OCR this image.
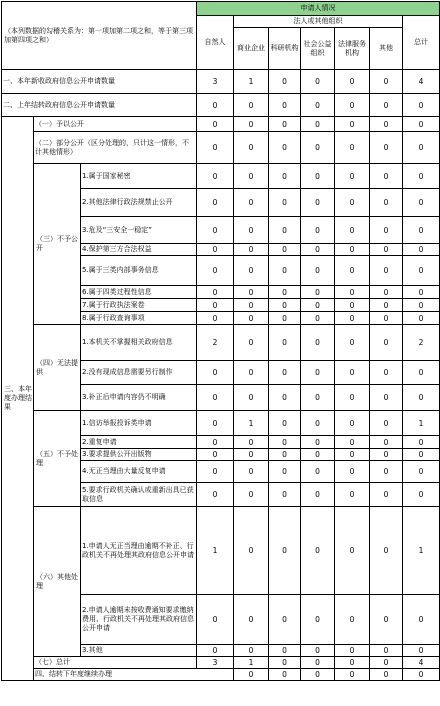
（本列数据的勾稽关系为：第一项加第二项之和，等于第三项加第四项之和）			申请人情况							
			自然人	法人或其他组织					总计	
				商业企业	科研机构	社会公益组织	法律服务机构	其他		
一、本年新收政府信息公开申请数量			3	1	0	0	0	0	4	
二、上年结转政府信息公开申请数量			0	0	0	0	0	0	0	
三、本年度办理结果	（一）予以公开		0	0	0	0	0	0	0	
	（二）部分公开（区分处理的，只计这一情形，不计其他情形）		0	0	0	0	0	0	0	
	（三）不予公开	1.属于国家秘密	0	0	0	0	0	0	0	
		2.其他法律行政法规禁止公开	0	0	0	0	0	0	0	
		3.危及“三安全一稳定”	0	0	0	0	0	0	0	
		4.保护第三方合法权益	0	0	0	0	0	0	0	
		5.属于三类内部事务信息	0	0	0	0	0	0	0	
		6.属于四类过程性信息	0	0	0	0	0	0	0	
		7.属于行政执法案卷	0	0	0	0	0	0	0	
		8.属于行政查询事项	0	0	0	0	0	0	0	
	（四）无法提供	1.本机关不掌握相关政府信息	2	0	0	0	0	0	2	
		2.没有现成信息需要另行制作	0	0	0	0	0	0	0	
		3.补正后申请内容仍不明确	0	0	0	0	0	0	0	
	（五）不予处理	1.信访举报投诉类申请	0	1	0	0	0	0	1	
		2.重复申请	0	0	0	0	0	0	0	
		3.要求提供公开出版物	0	0	0	0	0	0	0	
		4.无正当理由大量反复申请	0	0	0	0	0	0	0	
		5.要求行政机关确认或重新出具已获取信息	0	0	0	0	0	0	0	
	（六）其他处理	1.申请人无正当理由逾期不补正、行政机关不再处理其政府信息公开申请	1	0	0	0	0	0	1	
		2.申请人逾期未按收费通知要求缴纳费用、行政机关不再处理其政府信息公开申请	0	0	0	0	0	0	0	
		3.其他	0	0	0	0	0	0	0	
	（七）总计		3	1	0	0	0	0	4	
	四、结转下年度继续办理			0	0	0	0	0	0	
